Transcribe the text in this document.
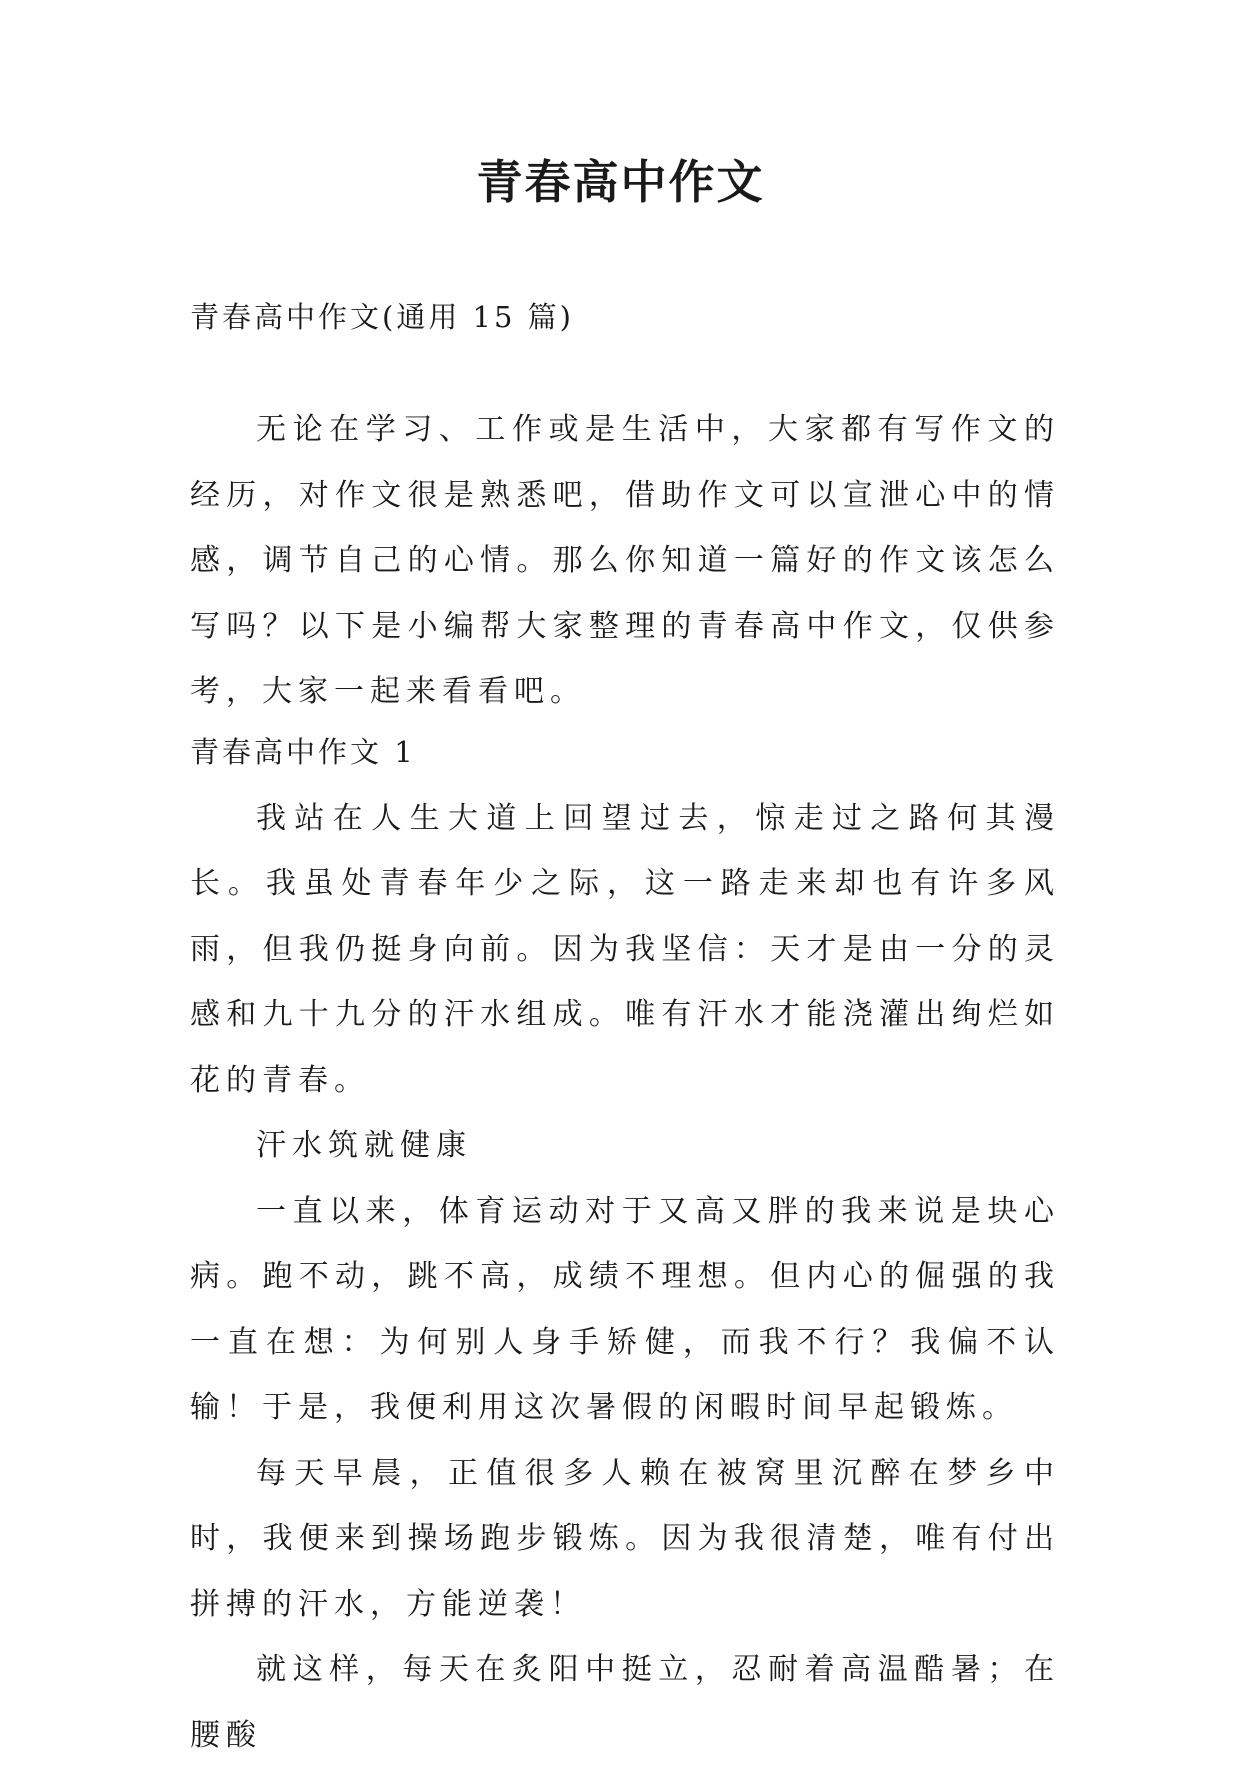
青春高中作文

青春高中作文(通用 15 篇)

无论在学习、工作或是生活中，大家都有写作文的经历，对作文很是熟悉吧，借助作文可以宣泄心中的情感，调节自己的心情。那么你知道一篇好的作文该怎么写吗？以下是小编帮大家整理的青春高中作文，仅供参考，大家一起来看看吧。

青春高中作文 1

我站在人生大道上回望过去，惊走过之路何其漫长。我虽处青春年少之际，这一路走来却也有许多风雨，但我仍挺身向前。因为我坚信：天才是由一分的灵感和九十九分的汗水组成。唯有汗水才能浇灌出绚烂如花的青春。

汗水筑就健康

一直以来，体育运动对于又高又胖的我来说是块心病。跑不动，跳不高，成绩不理想。但内心的倔强的我一直在想：为何别人身手矫健，而我不行？我偏不认输！于是，我便利用这次暑假的闲暇时间早起锻炼。

每天早晨，正值很多人赖在被窝里沉醉在梦乡中时，我便来到操场跑步锻炼。因为我很清楚，唯有付出拼搏的汗水，方能逆袭！

就这样，每天在炙阳中挺立，忍耐着高温酷暑；在腰酸
